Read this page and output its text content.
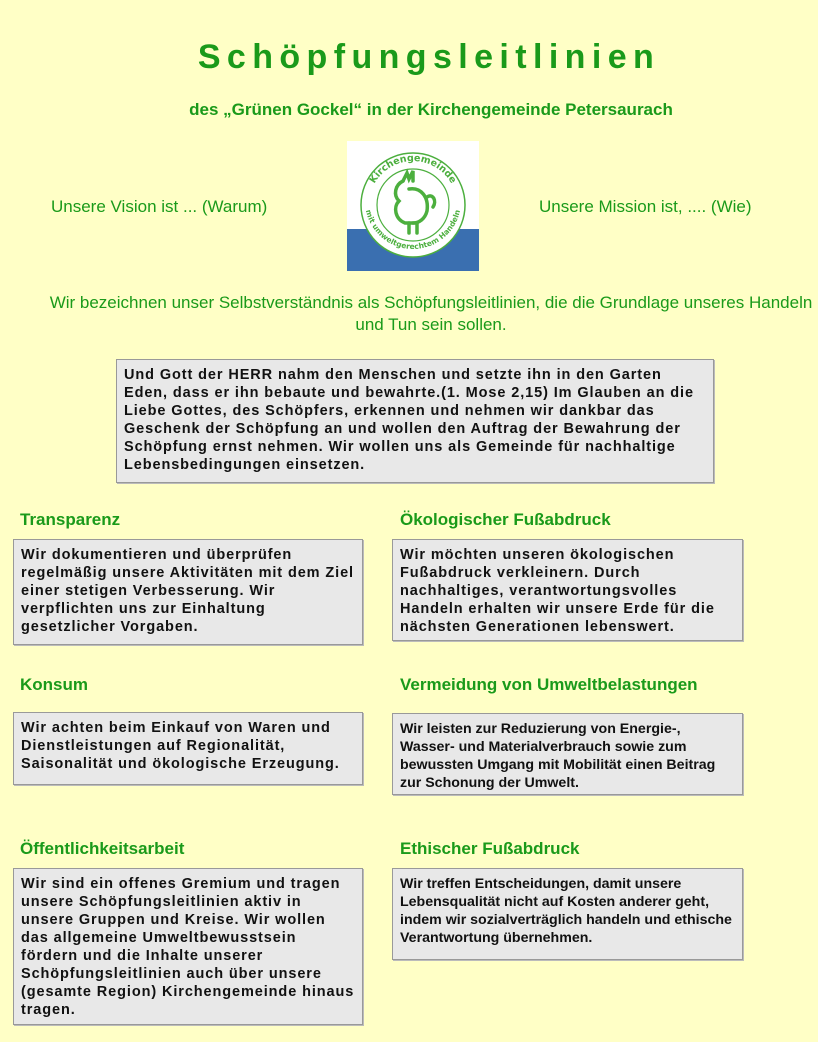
Schöpfungsleitlinien
des „Grünen Gockel“ in der Kirchengemeinde Petersaurach
Unsere Vision ist ... (Warum)
Kirchengemeinde
mit umweltgerechtem Handeln	Unsere Mission ist, .... (Wie)
Wir bezeichnen unser Selbstverständnis als Schöpfungsleitlinien, die die Grundlage unseres Handeln und Tun sein sollen.
Und Gott der HERR nahm den Menschen und setzte ihn in den Garten Eden, dass er ihn bebaute und bewahrte.(1. Mose 2,15) Im Glauben an die Liebe Gottes, des Schöpfers, erkennen und nehmen wir dankbar das Geschenk der Schöpfung an und wollen den Auftrag der Bewahrung der Schöpfung ernst nehmen. Wir wollen uns als Gemeinde für nachhaltige Lebensbedingungen einsetzen.
Transparenz
Wir dokumentieren und überprüfen regelmäßig unsere Aktivitäten mit dem Ziel einer stetigen Verbesserung. Wir verpflichten uns zur Einhaltung gesetzlicher Vorgaben.
Ökologischer Fußabdruck
Wir möchten unseren ökologischen Fußabdruck verkleinern. Durch nachhaltiges, verantwortungsvolles Handeln erhalten wir unsere Erde für die nächsten Generationen lebenswert.
Konsum
Wir achten beim Einkauf von Waren und Dienstleistungen auf Regionalität, Saisonalität und ökologische Erzeugung.
Vermeidung von Umweltbelastungen
Wir leisten zur Reduzierung von Energie-, Wasser- und Materialverbrauch sowie zum bewussten Umgang mit Mobilität einen Beitrag zur Schonung der Umwelt.
Öffentlichkeitsarbeit
Wir sind ein offenes Gremium und tragen unsere Schöpfungsleitlinien aktiv in unsere Gruppen und Kreise. Wir wollen das allgemeine Umweltbewusstsein fördern und die Inhalte unserer Schöpfungsleitlinien auch über unsere (gesamte Region) Kirchengemeinde hinaus tragen.
Ethischer Fußabdruck
Wir treffen Entscheidungen, damit unsere Lebensqualität nicht auf Kosten anderer geht, indem wir sozialverträglich handeln und ethische Verantwortung übernehmen.
